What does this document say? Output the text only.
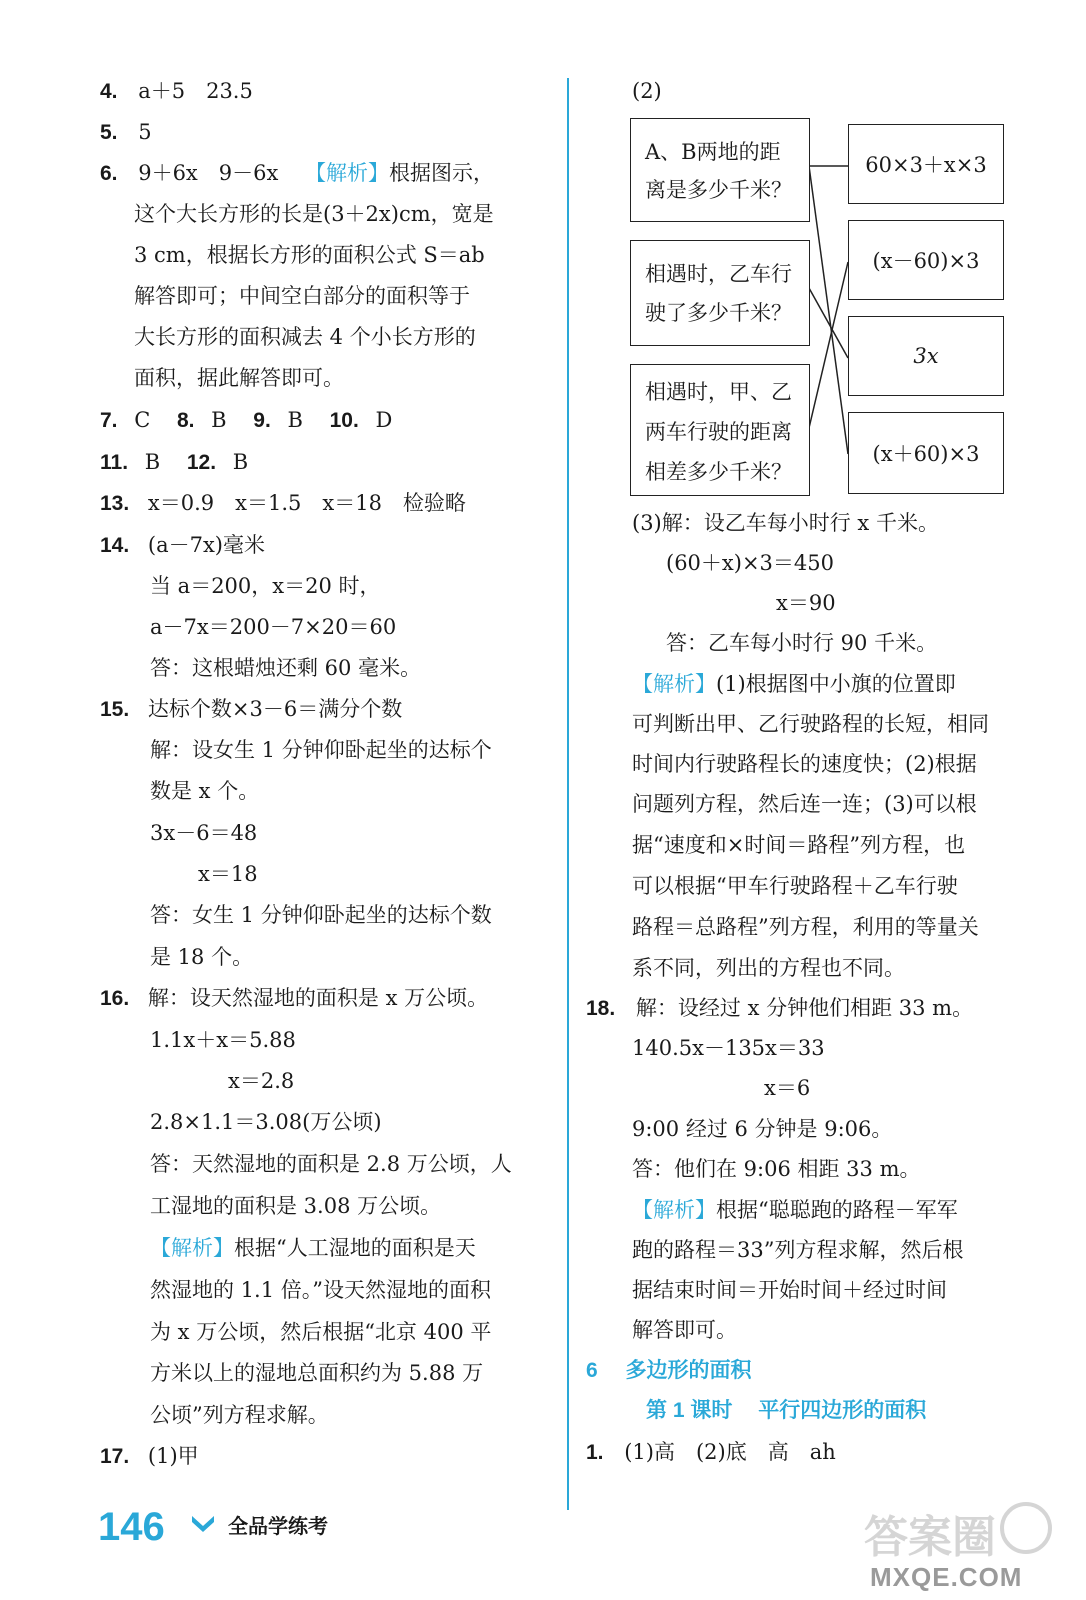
4. a＋5　23.5
5. 5
6. 9＋6x　9－6x 【解析】根据图示，
这个大长方形的长是(3＋2x)cm，宽是
3 cm，根据长方形的面积公式 S＝ab
解答即可；中间空白部分的面积等于
大长方形的面积减去 4 个小长方形的
面积，据此解答即可。
7. C 8. B 9. B 10. D
11. B 12. B
13. x＝0.9　x＝1.5　x＝18　检验略
14. (a－7x)毫米
当 a＝200，x＝20 时，
a－7x＝200－7×20＝60
答：这根蜡烛还剩 60 毫米。
15. 达标个数×3－6＝满分个数
解：设女生 1 分钟仰卧起坐的达标个
数是 x 个。
3x－6＝48
x＝18
答：女生 1 分钟仰卧起坐的达标个数
是 18 个。
16. 解：设天然湿地的面积是 x 万公顷。
1.1x＋x＝5.88
x＝2.8
2.8×1.1＝3.08(万公顷)
答：天然湿地的面积是 2.8 万公顷，人
工湿地的面积是 3.08 万公顷。
【解析】根据“人工湿地的面积是天
然湿地的 1.1 倍。”设天然湿地的面积
为 x 万公顷，然后根据“北京 400 平
方米以上的湿地总面积约为 5.88 万
公顷”列方程求解。
17. (1)甲
(2)
A、B两地的距
离是多少千米？
相遇时，乙车行
驶了多少千米？
相遇时，甲、乙
两车行驶的距离
相差多少千米？
60×3＋x×3
(x－60)×3
3x
(x＋60)×3
(3)解：设乙车每小时行 x 千米。
(60＋x)×3＝450
x＝90
答：乙车每小时行 90 千米。
【解析】(1)根据图中小旗的位置即
可判断出甲、乙行驶路程的长短，相同
时间内行驶路程长的速度快；(2)根据
问题列方程，然后连一连；(3)可以根
据“速度和×时间＝路程”列方程，也
可以根据“甲车行驶路程＋乙车行驶
路程＝总路程”列方程，利用的等量关
系不同，列出的方程也不同。
18. 解：设经过 x 分钟他们相距 33 m。
140.5x－135x＝33
x＝6
9:00 经过 6 分钟是 9:06。
答：他们在 9:06 相距 33 m。
【解析】根据“聪聪跑的路程－军军
跑的路程＝33”列方程求解，然后根
据结束时间＝开始时间＋经过时间
解答即可。
6 多边形的面积
第 1 课时 平行四边形的面积
1. (1)高　(2)底　高　ah
146	全品学练考	答案圈
MXQE.COM
